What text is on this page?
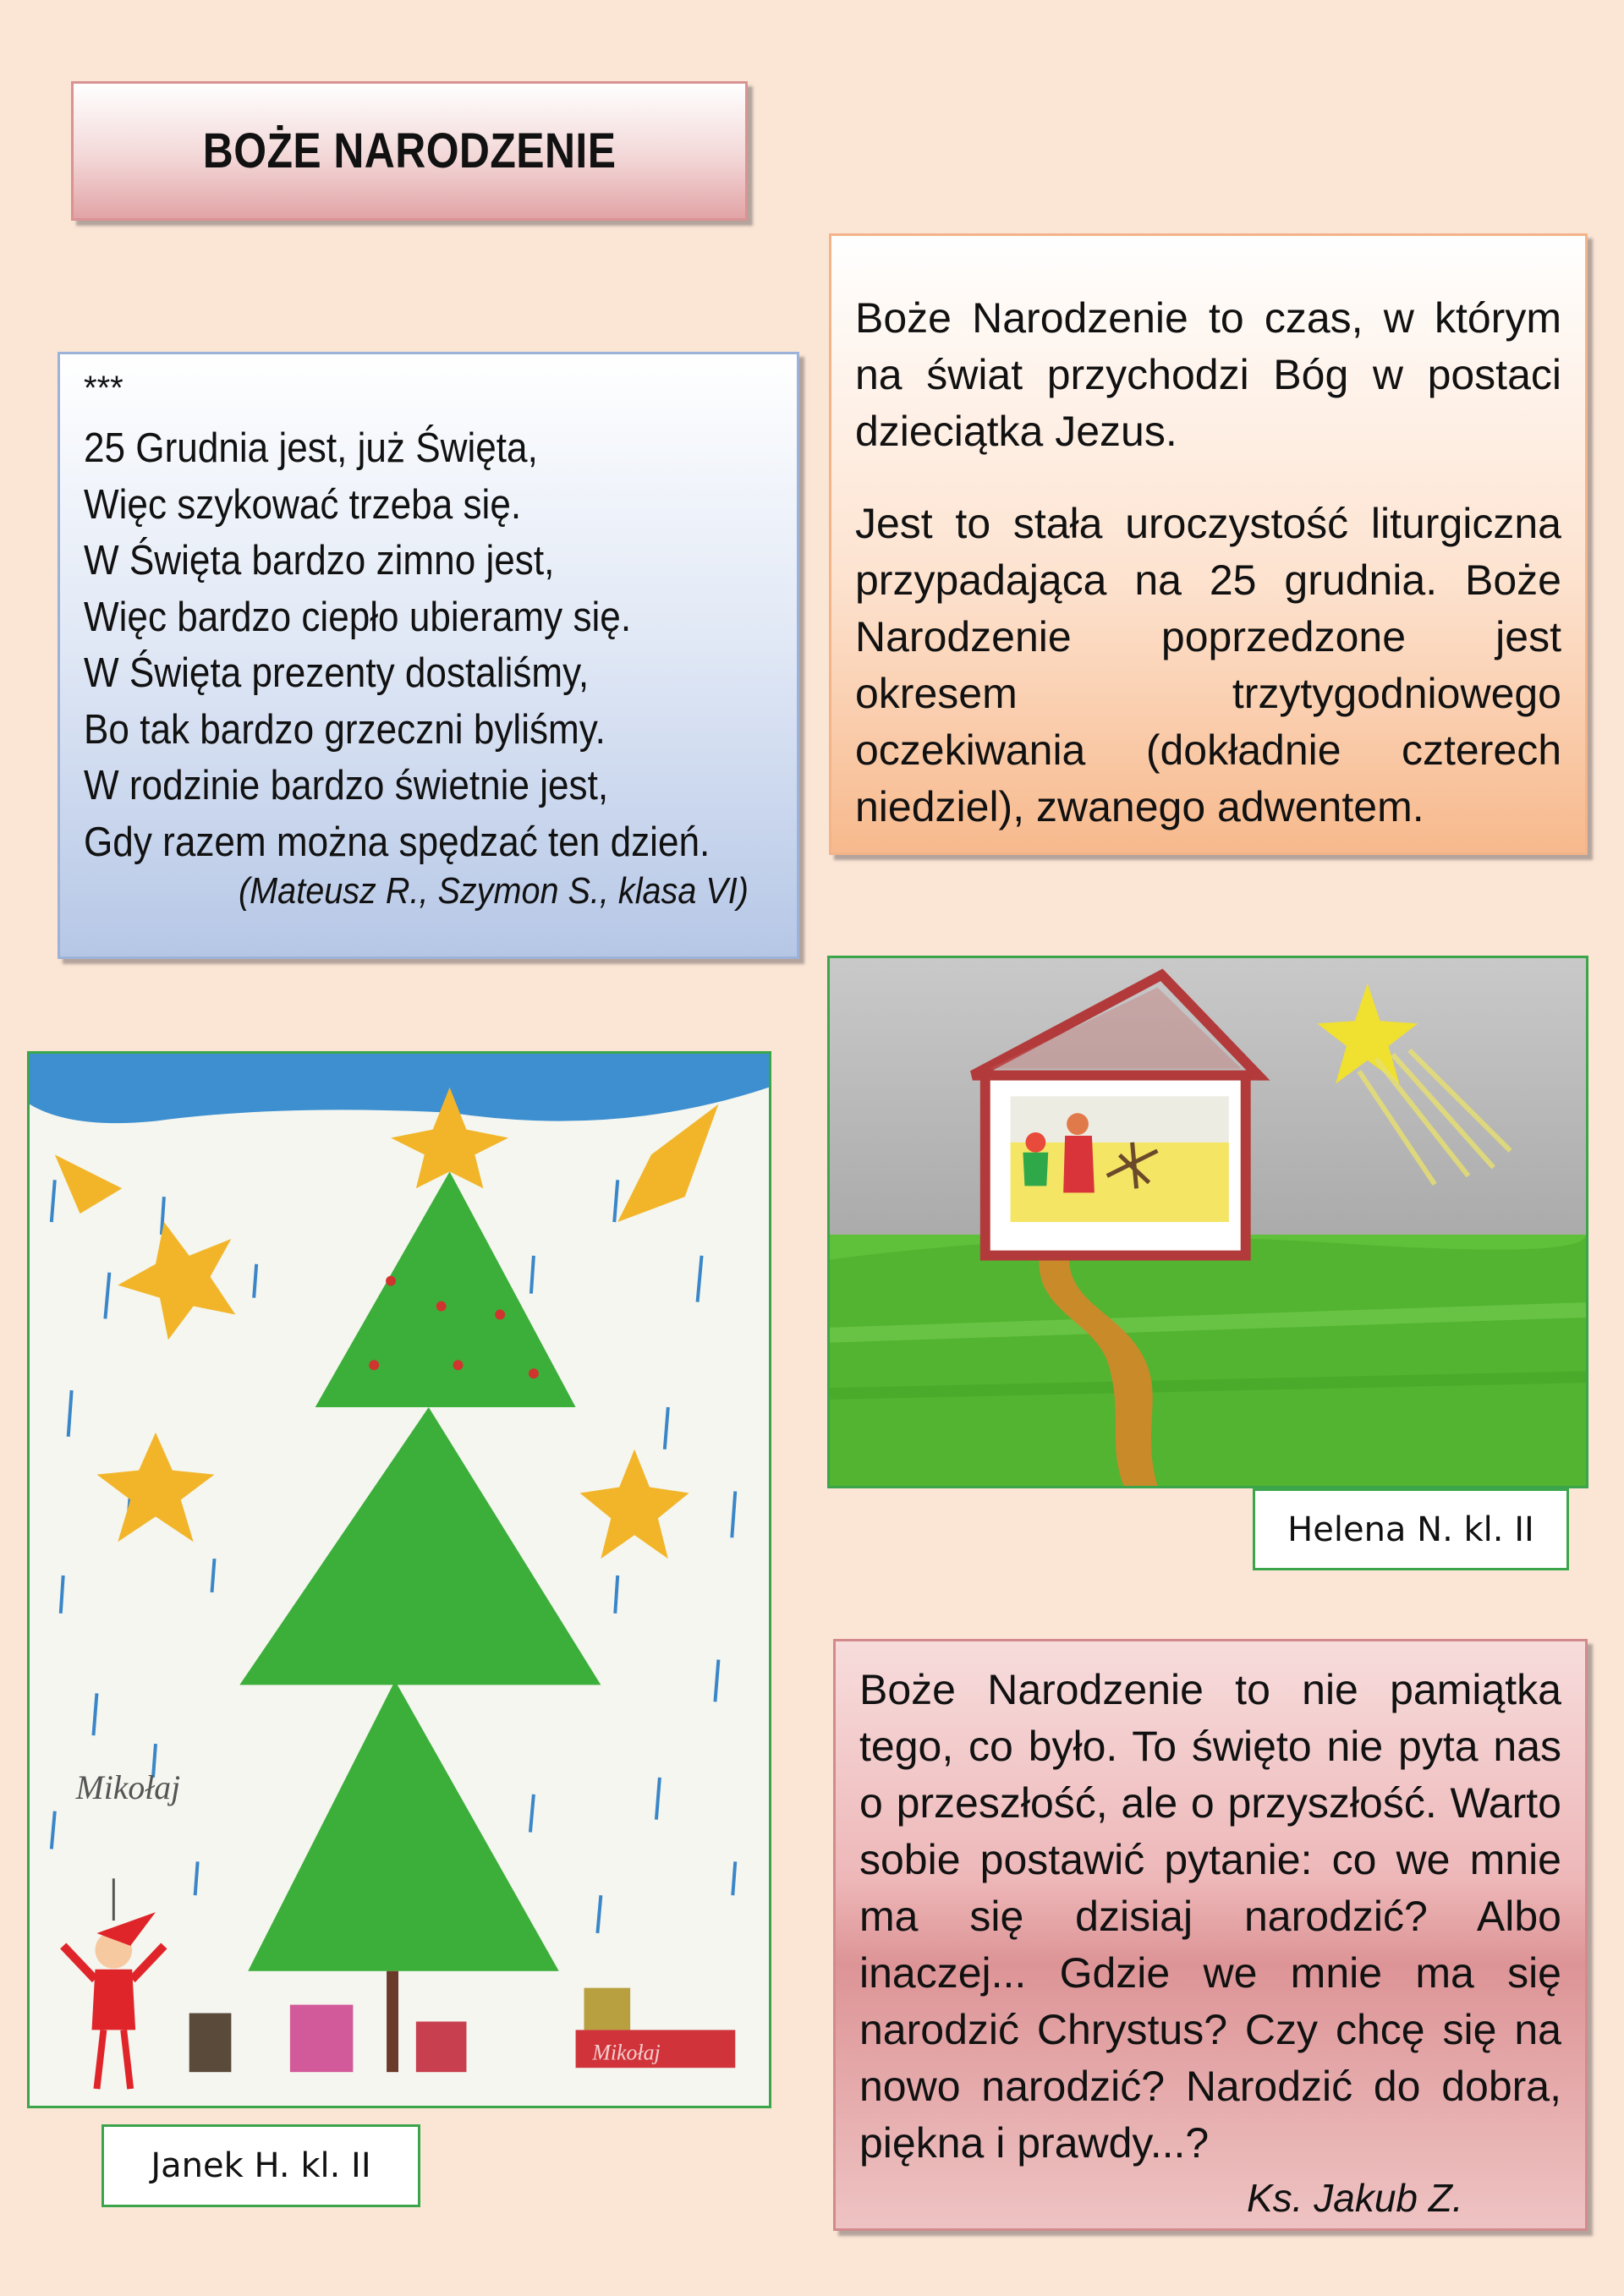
BOŻE NARODZENIE
***
25 Grudnia jest, już Święta,
Więc szykować trzeba się.
W Święta bardzo zimno jest,
Więc bardzo ciepło ubieramy się.
W Święta prezenty dostaliśmy,
Bo tak bardzo grzeczni byliśmy.
W rodzinie bardzo świetnie jest,
Gdy razem można spędzać ten dzień.
(Mateusz R., Szymon S., klasa VI)

Boże Narodzenie to czas, w którym na świat przychodzi Bóg w postaci dzieciątka Jezus.

Jest to stała uroczystość liturgiczna przypadająca na 25 grudnia. Boże Narodzenie poprzedzone jest okresem trzytygodniowego oczekiwania (dokładnie czterech niedziel), zwanego adwentem.

Helena N. kl. II
Mikołaj
Mikołaj
Janek H. kl. II

Boże Narodzenie to nie pamiątka tego, co było. To święto nie pyta nas o przeszłość, ale o przyszłość. Warto sobie postawić pytanie: co we mnie ma się dzisiaj narodzić? Albo inaczej... Gdzie we mnie ma się narodzić Chrystus? Czy chcę się na nowo narodzić? Narodzić do dobra, piękna i prawdy...?

Ks. Jakub Z.
